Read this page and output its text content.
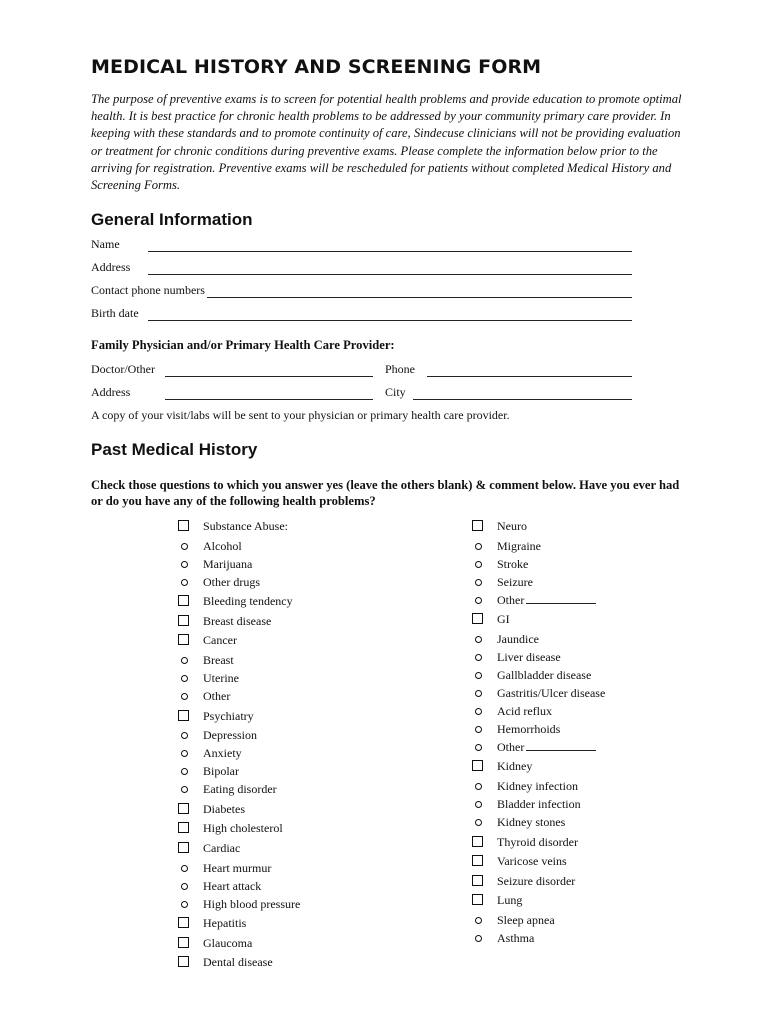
MEDICAL HISTORY AND SCREENING FORM

The purpose of preventive exams is to screen for potential health problems and provide education to promote optimal health. It is best practice for chronic health problems to be addressed by your community primary care provider. In keeping with these standards and to promote continuity of care, Sindecuse clinicians will not be providing evaluation or treatment for chronic conditions during preventive exams. Please complete the information below prior to the arriving for registration. Preventive exams will be rescheduled for patients without completed Medical History and Screening Forms.

General Information
Name
Address
Contact phone numbers
Birth date
Family Physician and/or Primary Health Care Provider:
Doctor/Other	Phone
Address	City
A copy of your visit/labs will be sent to your physician or primary health care provider.
Past Medical History
Check those questions to which you answer yes (leave the others blank) & comment below. Have you ever had or do you have any of the following health problems?
Substance Abuse:
Alcohol
Marijuana
Other drugs
Bleeding tendency
Breast disease
Cancer
Breast
Uterine
Other
Psychiatry
Depression
Anxiety
Bipolar
Eating disorder
Diabetes
High cholesterol
Cardiac
Heart murmur
Heart attack
High blood pressure
Hepatitis
Glaucoma
Dental disease
Neuro
Migraine
Stroke
Seizure
Other
GI
Jaundice
Liver disease
Gallbladder disease
Gastritis/Ulcer disease
Acid reflux
Hemorrhoids
Other
Kidney
Kidney infection
Bladder infection
Kidney stones
Thyroid disorder
Varicose veins
Seizure disorder
Lung
Sleep apnea
Asthma
